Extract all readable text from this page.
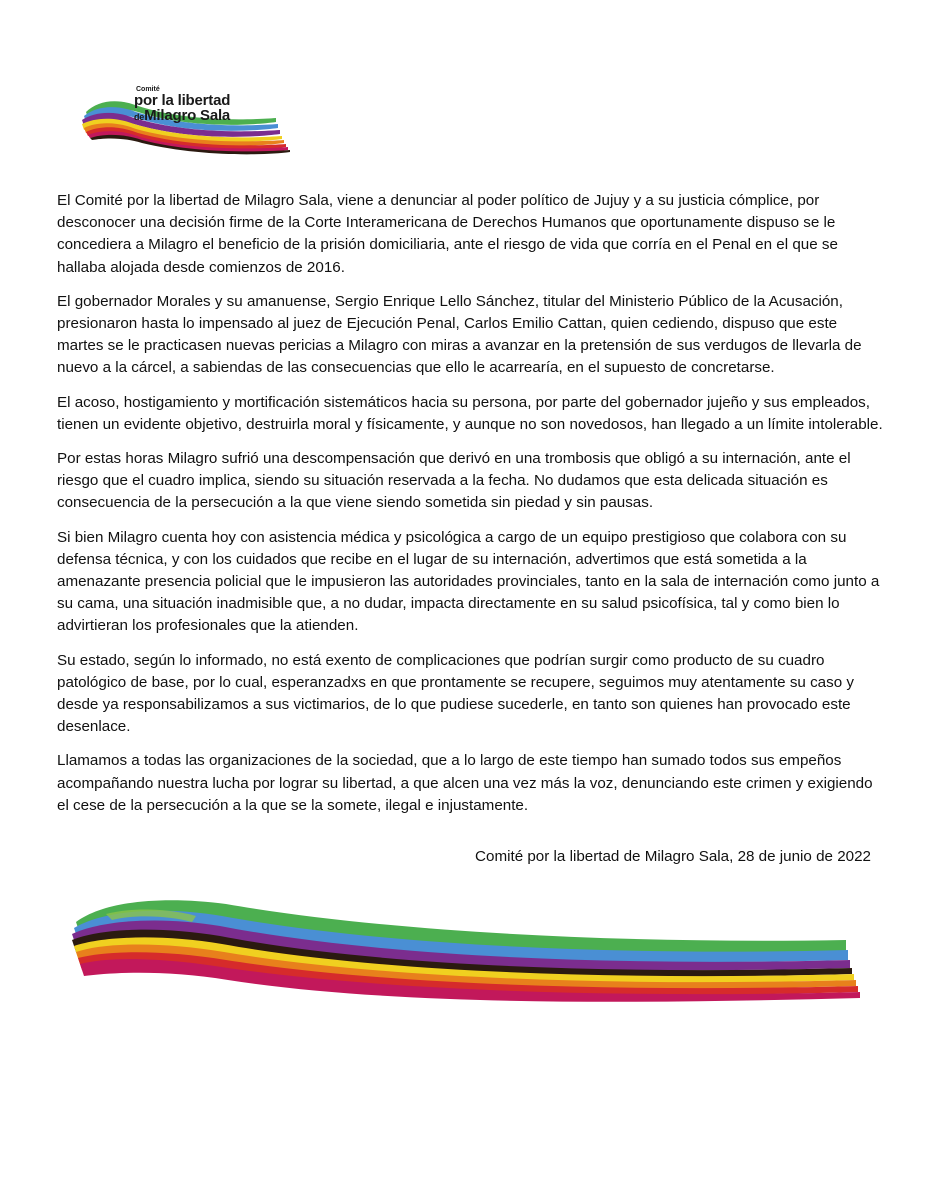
Comité
por la libertad
deMilagro Sala

El Comité por la libertad de Milagro Sala, viene a denunciar al poder político de Jujuy y a su justicia cómplice, por desconocer una decisión firme de la Corte Interamericana de Derechos Humanos que oportunamente dispuso se le concediera a Milagro el beneficio de la prisión domiciliaria, ante el riesgo de vida que corría en el Penal en el que se hallaba alojada desde comienzos de 2016.

El gobernador Morales y su amanuense, Sergio Enrique Lello Sánchez, titular del Ministerio Público de la Acusación, presionaron hasta lo impensado al juez de Ejecución Penal, Carlos Emilio Cattan, quien cediendo, dispuso que este martes se le practicasen nuevas pericias a Milagro con miras a avanzar en la pretensión de sus verdugos de llevarla de nuevo a la cárcel, a sabiendas de las consecuencias que ello le acarrearía, en el supuesto de concretarse.

El acoso, hostigamiento y mortificación sistemáticos hacia su persona, por parte del gobernador jujeño y sus empleados, tienen un evidente objetivo, destruirla moral y físicamente, y aunque no son novedosos, han llegado a un límite intolerable.

Por estas horas Milagro sufrió una descompensación que derivó en una trombosis que obligó a su internación, ante el riesgo que el cuadro implica, siendo su situación reservada a la fecha. No dudamos que esta delicada situación es consecuencia de la persecución a la que viene siendo sometida sin piedad y sin pausas.

Si bien Milagro cuenta hoy con asistencia médica y psicológica a cargo de un equipo prestigioso que colabora con su defensa técnica, y con los cuidados que recibe en el lugar de su internación, advertimos que está sometida a la amenazante presencia policial que le impusieron las autoridades provinciales, tanto en la sala de internación como junto a su cama, una situación inadmisible que, a no dudar, impacta directamente en su salud psicofísica, tal y como bien lo advirtieran los profesionales que la atienden.

Su estado, según lo informado, no está exento de complicaciones que podrían surgir como producto de su cuadro patológico de base, por lo cual, esperanzadxs en que prontamente se recupere, seguimos muy atentamente su caso y desde ya responsabilizamos a sus victimarios, de lo que pudiese sucederle, en tanto son quienes han provocado este desenlace.

Llamamos a todas las organizaciones de la sociedad, que a lo largo de este tiempo han sumado todos sus empeños acompañando nuestra lucha por lograr su libertad, a que alcen una vez más la voz, denunciando este crimen y exigiendo el cese de la persecución a la que se la somete, ilegal e injustamente.

Comité por la libertad de Milagro Sala, 28 de junio de 2022
